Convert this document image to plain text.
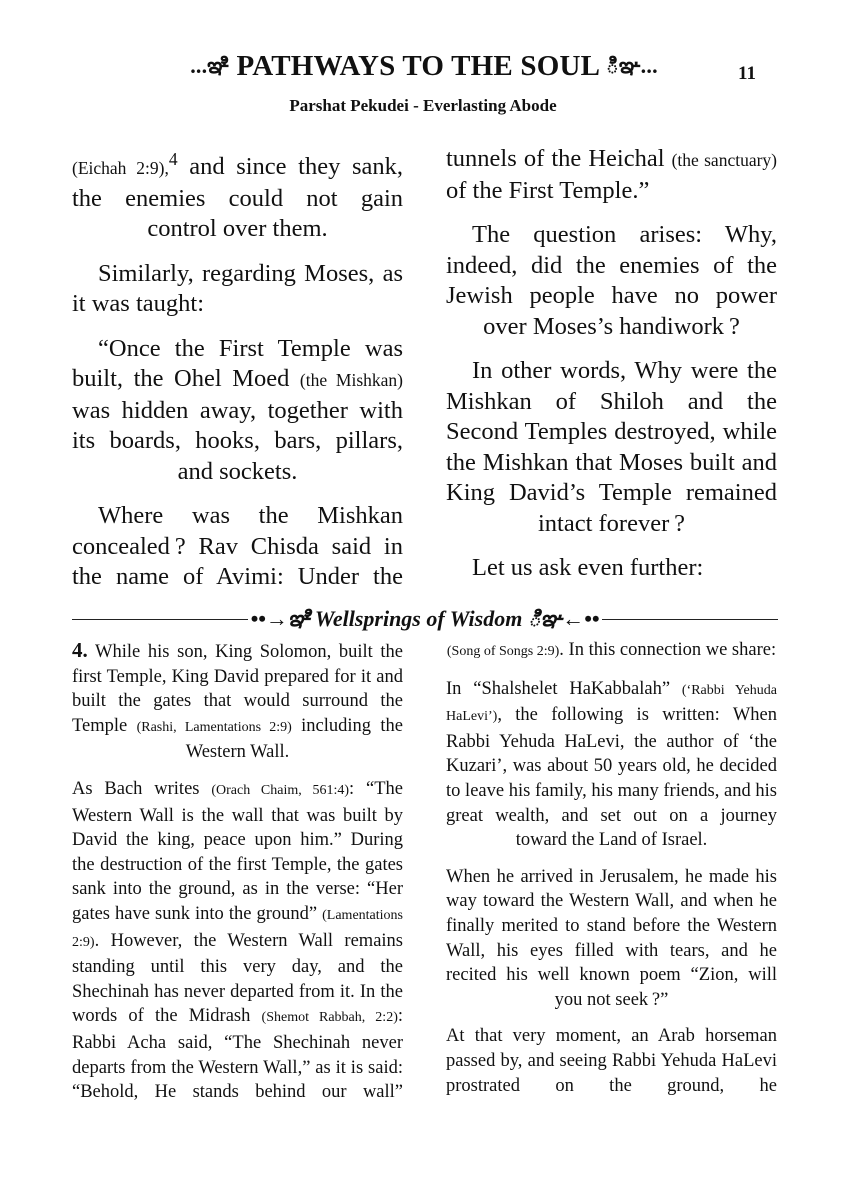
...ఞి PATHWAYS TO THE SOUL ిఞ...	11
Parshat Pekudei - Everlasting Abode

(Eichah 2:9),$^4$ and since they sank, the enemies could not gain control over them.

Similarly, regarding Moses, as it was taught:

“Once the First Temple was built, the Ohel Moed (the Mishkan) was hidden away, together with its boards, hooks, bars, pillars, and sockets.

Where was the Mishkan concealed ? Rav Chisda said in the name of Avimi: Under the

tunnels of the Heichal (the sanctuary) of the First Temple.”

The question arises: Why, indeed, did the enemies of the Jewish people have no power over Moses’s handiwork ?

In other words, Why were the Mishkan of Shiloh and the Second Temples destroyed, while the Mishkan that Moses built and King David’s Temple remained intact forever ?

Let us ask even further:

••→ఞి Wellsprings of Wisdom ిఞ←••

4. While his son, King Solomon, built the first Temple, King David prepared for it and built the gates that would surround the Temple (Rashi, Lamentations 2:9) including the Western Wall.

As Bach writes (Orach Chaim, 561:4): “The Western Wall is the wall that was built by David the king, peace upon him.” During the destruction of the first Temple, the gates sank into the ground, as in the verse: “Her gates have sunk into the ground” (Lamentations 2:9). However, the Western Wall remains standing until this very day, and the Shechinah has never departed from it. In the words of the Midrash (Shemot Rabbah, 2:2): Rabbi Acha said, “The Shechinah never departs from the Western Wall,” as it is said: “Behold, He stands behind our wall”

(Song of Songs 2:9). In this connection we share:

In “Shalshelet HaKabbalah” (‘Rabbi Yehuda HaLevi’), the following is written: When Rabbi Yehuda HaLevi, the author of ‘the Kuzari’, was about 50 years old, he decided to leave his family, his many friends, and his great wealth, and set out on a journey toward the Land of Israel.

When he arrived in Jerusalem, he made his way toward the Western Wall, and when he finally merited to stand before the Western Wall, his eyes filled with tears, and he recited his well known poem “Zion, will you not seek ?”

At that very moment, an Arab horseman passed by, and seeing Rabbi Yehuda HaLevi prostrated on the ground, he
